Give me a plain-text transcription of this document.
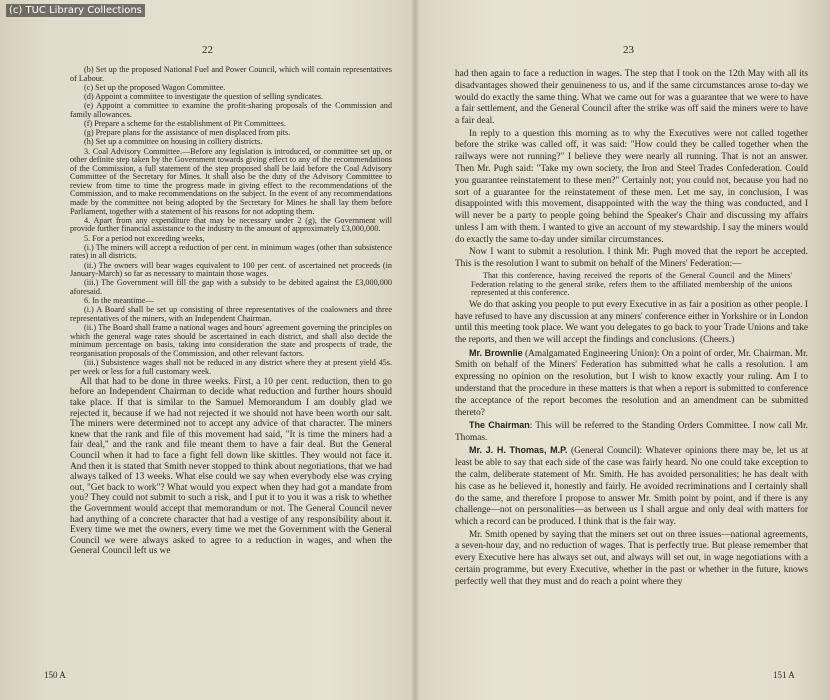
(c) TUC Library Collections
22

(b) Set up the proposed National Fuel and Power Council, which will contain representatives of Labour.

(c) Set up the proposed Wagon Committee.

(d) Appoint a committee to investigate the question of selling syndicates.

(e) Appoint a committee to examine the profit-sharing proposals of the Commission and family allowances.

(f) Prepare a scheme for the establishment of Pit Committees.

(g) Prepare plans for the assistance of men displaced from pits.

(h) Set up a committee on housing in colliery districts.

3. Coal Advisory Committee.—Before any legislation is introduced, or committee set up, or other definite step taken by the Government towards giving effect to any of the recommendations of the Commission, a full statement of the step proposed shall be laid before the Coal Advisory Committee of the Secretary for Mines. It shall also be the duty of the Advisory Committee to review from time to time the progress made in giving effect to the recommendations of the Commission, and to make recommendations on the subject. In the event of any recommendations made by the committee not being adopted by the Secretary for Mines he shall lay them before Parliament, together with a statement of his reasons for not adopting them.

4. Apart from any expenditure that may be necessary under 2 (g), the Government will provide further financial assistance to the industry to the amount of approximately £3,000,000.

5. For a period not exceeding weeks,

(i.) The miners will accept a reduction of per cent. in minimum wages (other than subsistence rates) in all districts.

(ii.) The owners will bear wages equivalent to 100 per cent. of ascertained net proceeds (in January-March) so far as necessary to maintain those wages.

(iii.) The Government will fill the gap with a subsidy to be debited against the £3,000,000 aforesaid.

6. In the meantime—

(i.) A Board shall be set up consisting of three representatives of the coalowners and three representatives of the miners, with an Independent Chairman.

(ii.) The Board shall frame a national wages and hours' agreement governing the principles on which the general wage rates should be ascertained in each district, and shall also decide the minimum percentage on basis, taking into consideration the state and prospects of trade, the reorganisation proposals of the Commission, and other relevant factors.

(iii.) Subsistence wages shall not be reduced in any district where they at present yield 45s. per week or less for a full customary week.

All that had to be done in three weeks. First, a 10 per cent. reduction, then to go before an Independent Chairman to decide what reduction and further hours should take place. If that is similar to the Samuel Memorandum I am doubly glad we rejected it, because if we had not rejected it we should not have been worth our salt. The miners were determined not to accept any advice of that character. The miners knew that the rank and file of this movement had said, "It is time the miners had a fair deal," and the rank and file meant them to have a fair deal. But the General Council when it had to face a fight fell down like skittles. They would not face it. And then it is stated that Smith never stopped to think about negotiations, that we had always talked of 13 weeks. What else could we say when everybody else was crying out, "Get back to work"? What would you expect when they had got a mandate from you? They could not submit to such a risk, and I put it to you it was a risk to whether the Government would accept that memorandum or not. The General Council never had anything of a concrete character that had a vestige of any responsibility about it. Every time we met the owners, every time we met the Government with the General Council we were always asked to agree to a reduction in wages, and when the General Council left us we

150 A
23

had then again to face a reduction in wages. The step that I took on the 12th May with all its disadvantages showed their genuineness to us, and if the same circumstances arose to-day we would do exactly the same thing. What we came out for was a guarantee that we were to have a fair settlement, and the General Council after the strike was off said the miners were to have a fair deal.

In reply to a question this morning as to why the Executives were not called together before the strike was called off, it was said: "How could they be called together when the railways were not running?" I believe they were nearly all running. That is not an answer. Then Mr. Pugh said: "Take my own society, the Iron and Steel Trades Confederation. Could you guarantee reinstatement to these men?" Certainly not; you could not, because you had no sort of a guarantee for the reinstatement of these men. Let me say, in conclusion, I was disappointed with this movement, disappointed with the way the thing was conducted, and I will never be a party to people going behind the Speaker's Chair and discussing my affairs unless I am with them. I wanted to give an account of my stewardship. I say the miners would do exactly the same to-day under similar circumstances.

Now I want to submit a resolution. I think Mr. Pugh moved that the report be accepted. This is the resolution I want to submit on behalf of the Miners' Federation:—

That this conference, having received the reports of the General Council and the Miners' Federation relating to the general strike, refers them to the affiliated membership of the unions represented at this conference.

We do that asking you people to put every Executive in as fair a position as other people. I have refused to have any discussion at any miners' conference either in Yorkshire or in London until this meeting took place. We want you delegates to go back to your Trade Unions and take the reports, and then we will accept the findings and conclusions. (Cheers.)

Mr. Brownlie (Amalgamated Engineering Union): On a point of order, Mr. Chairman. Mr. Smith on behalf of the Miners' Federation has submitted what he calls a resolution. I am expressing no opinion on the resolution, but I wish to know exactly your ruling. Am I to understand that the procedure in these matters is that when a report is submitted to conference the acceptance of the report becomes the resolution and an amendment can be submitted thereto?

The Chairman: This will be referred to the Standing Orders Committee. I now call Mr. Thomas.

Mr. J. H. Thomas, M.P. (General Council): Whatever opinions there may be, let us at least be able to say that each side of the case was fairly heard. No one could take exception to the calm, deliberate statement of Mr. Smith. He has avoided personalities; he has dealt with his case as he believed it, honestly and fairly. He avoided recriminations and I certainly shall do the same, and therefore I propose to answer Mr. Smith point by point, and if there is any challenge—not on personalities—as between us I shall argue and only deal with matters for which a record can be produced. I think that is the fair way.

Mr. Smith opened by saying that the miners set out on three issues—national agreements, a seven-hour day, and no reduction of wages. That is perfectly true. But please remember that every Executive here has always set out, and always will set out, in wage negotiations with a certain programme, but every Executive, whether in the past or whether in the future, knows perfectly well that they must and do reach a point where they

151 A
